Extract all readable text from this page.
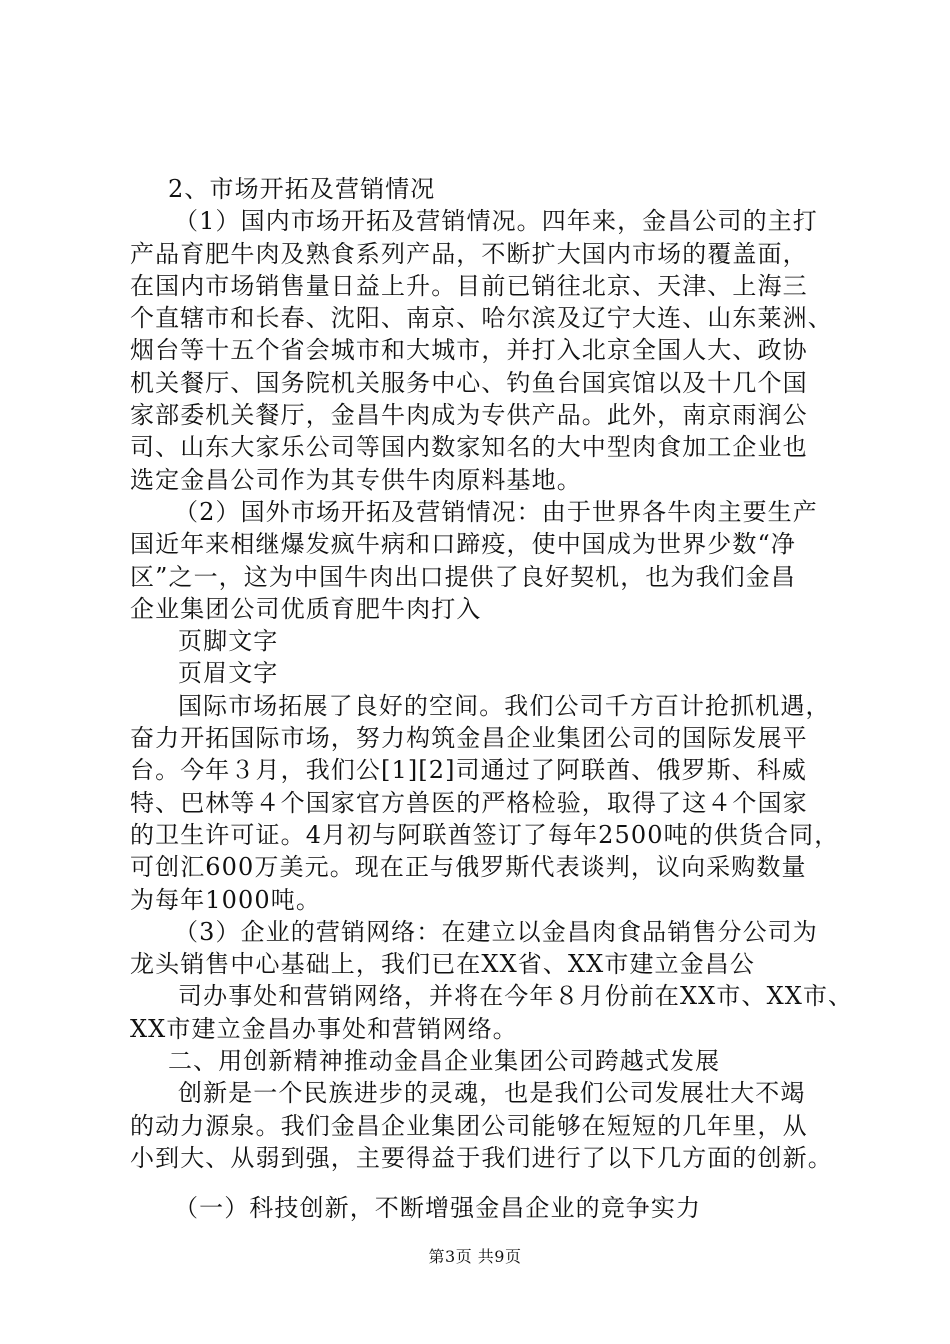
2、市场开拓及营销情况
（1）国内市场开拓及营销情况。四年来，金昌公司的主打
产品育肥牛肉及熟食系列产品，不断扩大国内市场的覆盖面，
在国内市场销售量日益上升。目前已销往北京、天津、上海三
个直辖市和长春、沈阳、南京、哈尔滨及辽宁大连、山东莱洲、
烟台等十五个省会城市和大城市，并打入北京全国人大、政协
机关餐厅、国务院机关服务中心、钓鱼台国宾馆以及十几个国
家部委机关餐厅，金昌牛肉成为专供产品。此外，南京雨润公
司、山东大家乐公司等国内数家知名的大中型肉食加工企业也
选定金昌公司作为其专供牛肉原料基地。
（2）国外市场开拓及营销情况：由于世界各牛肉主要生产
国近年来相继爆发疯牛病和口蹄疫，使中国成为世界少数“净
区”之一，这为中国牛肉出口提供了良好契机，也为我们金昌
企业集团公司优质育肥牛肉打入
页脚文字
页眉文字
国际市场拓展了良好的空间。我们公司千方百计抢抓机遇，
奋力开拓国际市场，努力构筑金昌企业集团公司的国际发展平
台。今年３月，我们公[1][2]司通过了阿联酋、俄罗斯、科威
特、巴林等４个国家官方兽医的严格检验，取得了这４个国家
的卫生许可证。4月初与阿联酋签订了每年2500吨的供货合同，
可创汇600万美元。现在正与俄罗斯代表谈判，议向采购数量
为每年1000吨。
（3）企业的营销网络：在建立以金昌肉食品销售分公司为
龙头销售中心基础上，我们已在XX省、XX市建立金昌公
司办事处和营销网络，并将在今年８月份前在XX市、XX市、
XX市建立金昌办事处和营销网络。
二、用创新精神推动金昌企业集团公司跨越式发展
创新是一个民族进步的灵魂，也是我们公司发展壮大不竭
的动力源泉。我们金昌企业集团公司能够在短短的几年里，从
小到大、从弱到强，主要得益于我们进行了以下几方面的创新。
（一）科技创新，不断增强金昌企业的竞争实力
第3页 共9页
